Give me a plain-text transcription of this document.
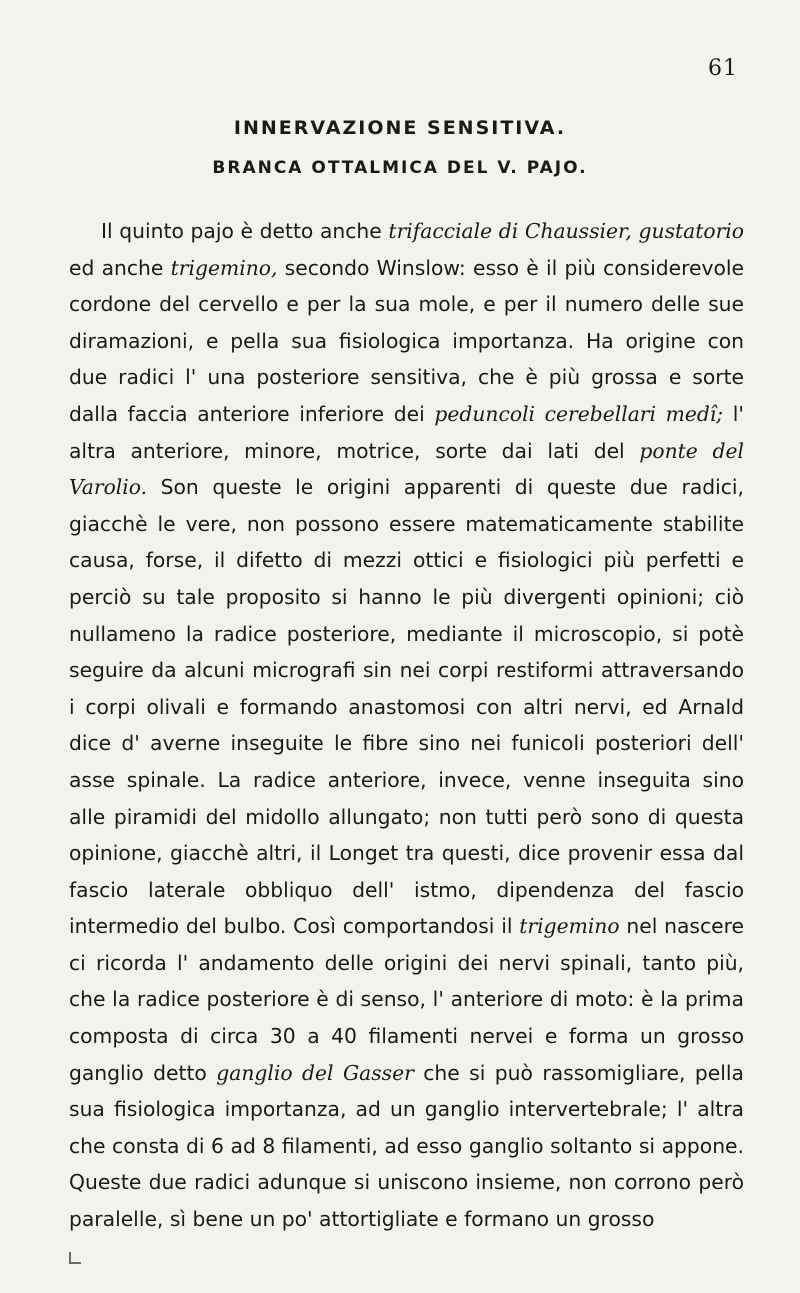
61
INNERVAZIONE SENSITIVA.
BRANCA OTTALMICA DEL V. PAJO.

Il quinto pajo è detto anche trifacciale di Chaussier, gustatorio ed anche trigemino, secondo Winslow: esso è il più considerevole cordone del cervello e per la sua mole, e per il numero delle sue diramazioni, e pella sua fisiologica importanza. Ha origine con due radici l' una posteriore sensitiva, che è più grossa e sorte dalla faccia anteriore inferiore dei peduncoli cerebellari medî; l' altra anteriore, minore, motrice, sorte dai lati del ponte del Varolio. Son queste le origini apparenti di queste due radici, giacchè le vere, non possono essere matematicamente stabilite causa, forse, il difetto di mezzi ottici e fisiologici più perfetti e perciò su tale proposito si hanno le più divergenti opinioni; ciò nullameno la radice posteriore, mediante il microscopio, si potè seguire da alcuni micrografi sin nei corpi restiformi attraversando i corpi olivali e formando anastomosi con altri nervi, ed Arnald dice d' averne inseguite le fibre sino nei funicoli posteriori dell' asse spinale. La radice anteriore, invece, venne inseguita sino alle piramidi del midollo allungato; non tutti però sono di questa opinione, giacchè altri, il Longet tra questi, dice provenir essa dal fascio laterale obbliquo dell' istmo, dipendenza del fascio intermedio del bulbo. Così comportandosi il trigemino nel nascere ci ricorda l' andamento delle origini dei nervi spinali, tanto più, che la radice posteriore è di senso, l' anteriore di moto: è la prima composta di circa 30 a 40 filamenti nervei e forma un grosso ganglio detto ganglio del Gasser che si può rassomigliare, pella sua fisiologica importanza, ad un ganglio intervertebrale; l' altra che consta di 6 ad 8 filamenti, ad esso ganglio soltanto si appone. Queste due radici adunque si uniscono insieme, non corrono però paralelle, sì bene un po' attortigliate e formano un grosso
